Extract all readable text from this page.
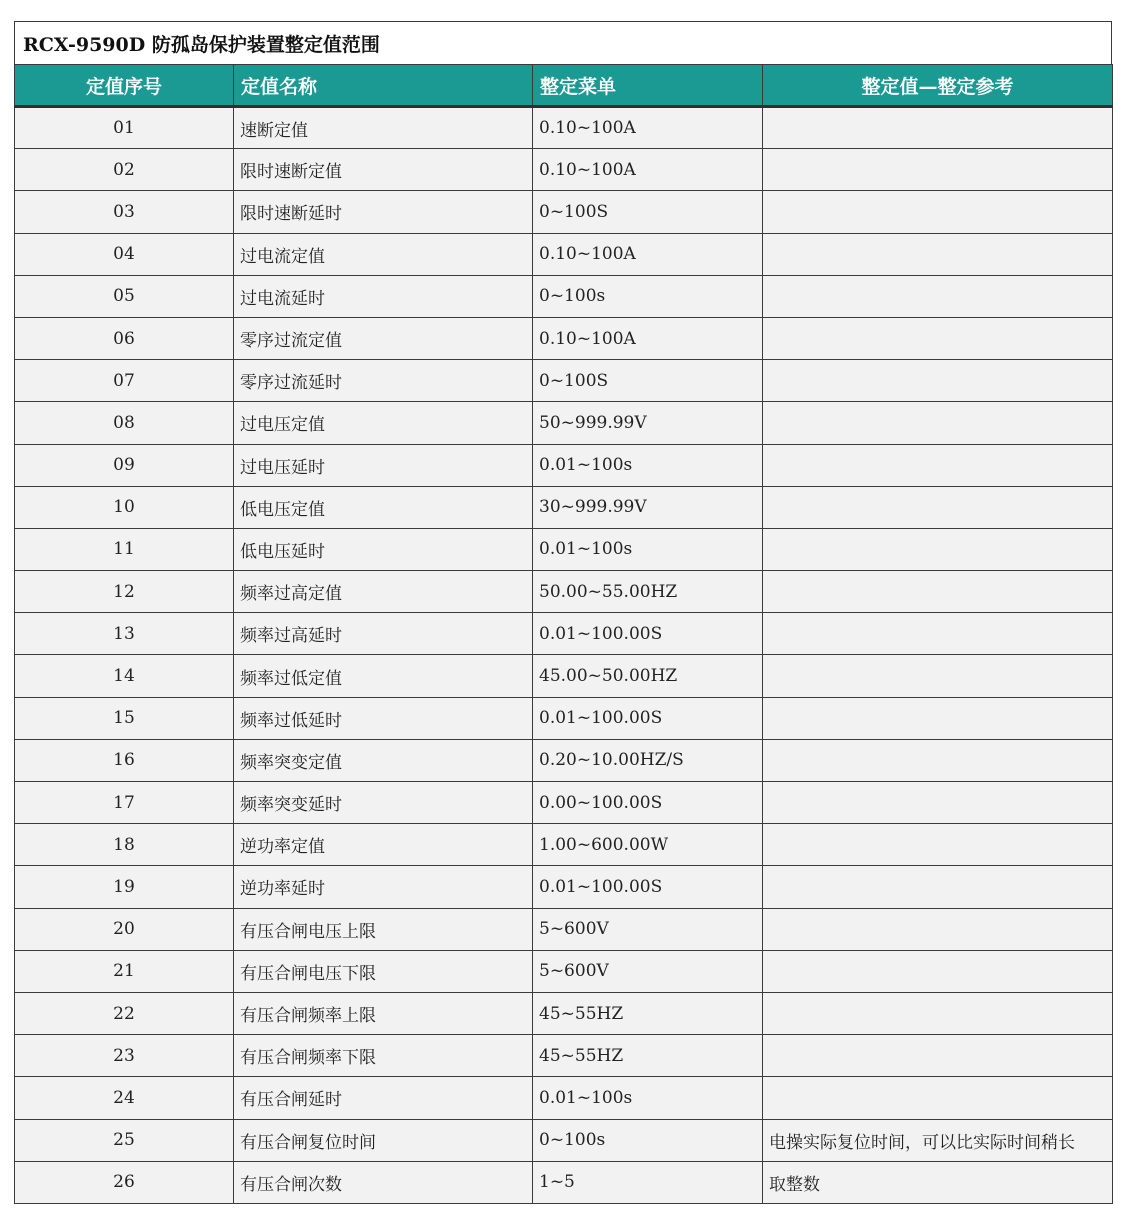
RCX-9590D 防孤岛保护装置整定值范围
定值序号	定值名称	整定菜单	整定值—整定参考
01	速断定值	0.10~100A	
02	限时速断定值	0.10~100A	
03	限时速断延时	0~100S	
04	过电流定值	0.10~100A	
05	过电流延时	0~100s	
06	零序过流定值	0.10~100A	
07	零序过流延时	0~100S	
08	过电压定值	50~999.99V	
09	过电压延时	0.01~100s	
10	低电压定值	30~999.99V	
11	低电压延时	0.01~100s	
12	频率过高定值	50.00~55.00HZ	
13	频率过高延时	0.01~100.00S	
14	频率过低定值	45.00~50.00HZ	
15	频率过低延时	0.01~100.00S	
16	频率突变定值	0.20~10.00HZ/S	
17	频率突变延时	0.00~100.00S	
18	逆功率定值	1.00~600.00W	
19	逆功率延时	0.01~100.00S	
20	有压合闸电压上限	5~600V	
21	有压合闸电压下限	5~600V	
22	有压合闸频率上限	45~55HZ	
23	有压合闸频率下限	45~55HZ	
24	有压合闸延时	0.01~100s	
25	有压合闸复位时间	0~100s	电操实际复位时间，可以比实际时间稍长
26	有压合闸次数	1~5	取整数
